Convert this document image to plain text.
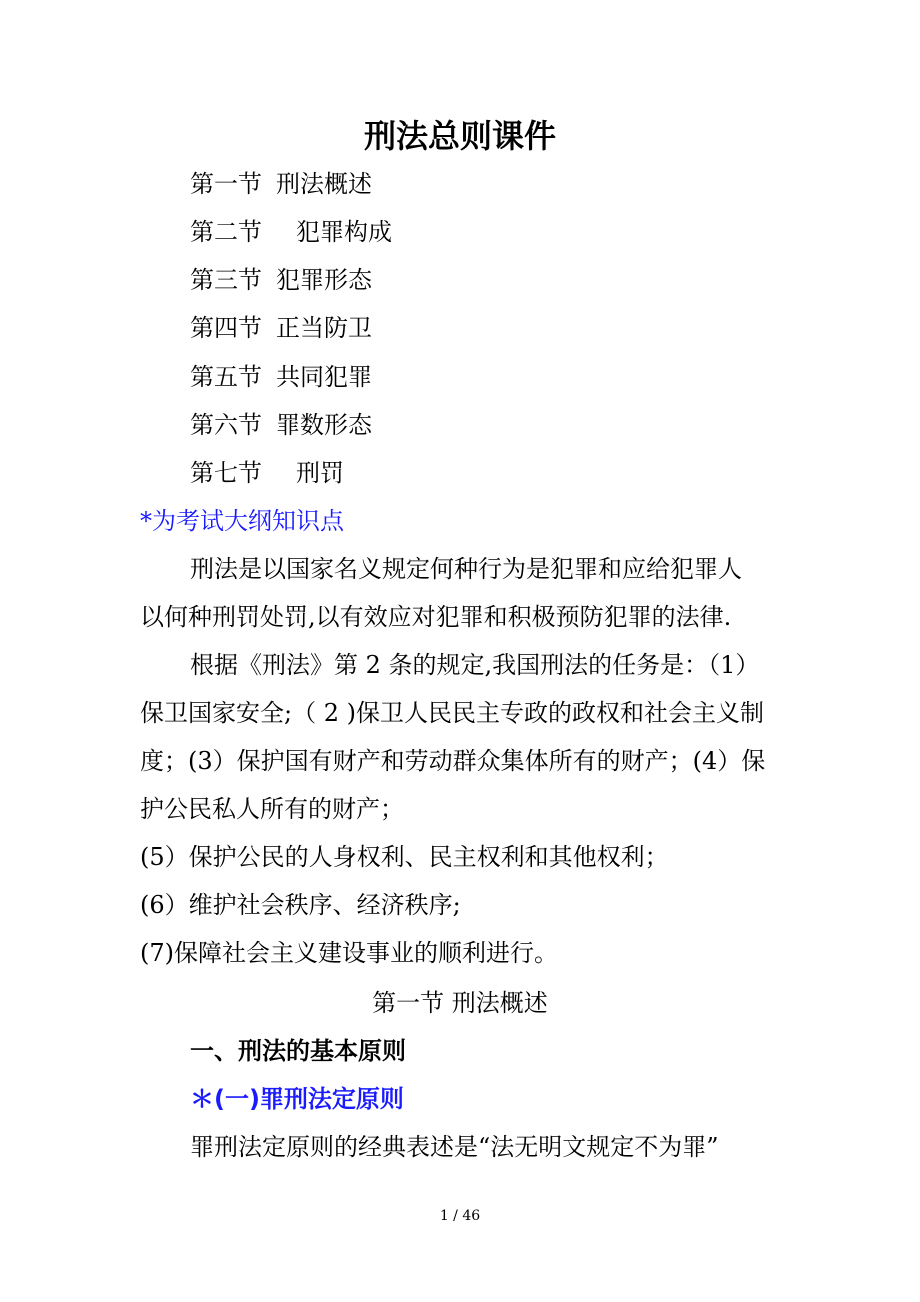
刑法总则课件
第一节 刑法概述
第二节 犯罪构成
第三节 犯罪形态
第四节 正当防卫
第五节 共同犯罪
第六节 罪数形态
第七节 刑罚
*为考试大纲知识点
刑法是以国家名义规定何种行为是犯罪和应给犯罪人
以何种刑罚处罚,以有效应对犯罪和积极预防犯罪的法律.
根据《刑法》第 2 条的规定,我国刑法的任务是：（1）
保卫国家安全;（ 2 )保卫人民民主专政的政权和社会主义制
度；(3）保护国有财产和劳动群众集体所有的财产；(4）保
护公民私人所有的财产；
(5）保护公民的人身权利、民主权利和其他权利；
(6）维护社会秩序、经济秩序;
(7)保障社会主义建设事业的顺利进行。
第一节 刑法概述
一、刑法的基本原则
＊(一)罪刑法定原则
罪刑法定原则的经典表述是“法无明文规定不为罪”
1 / 46
